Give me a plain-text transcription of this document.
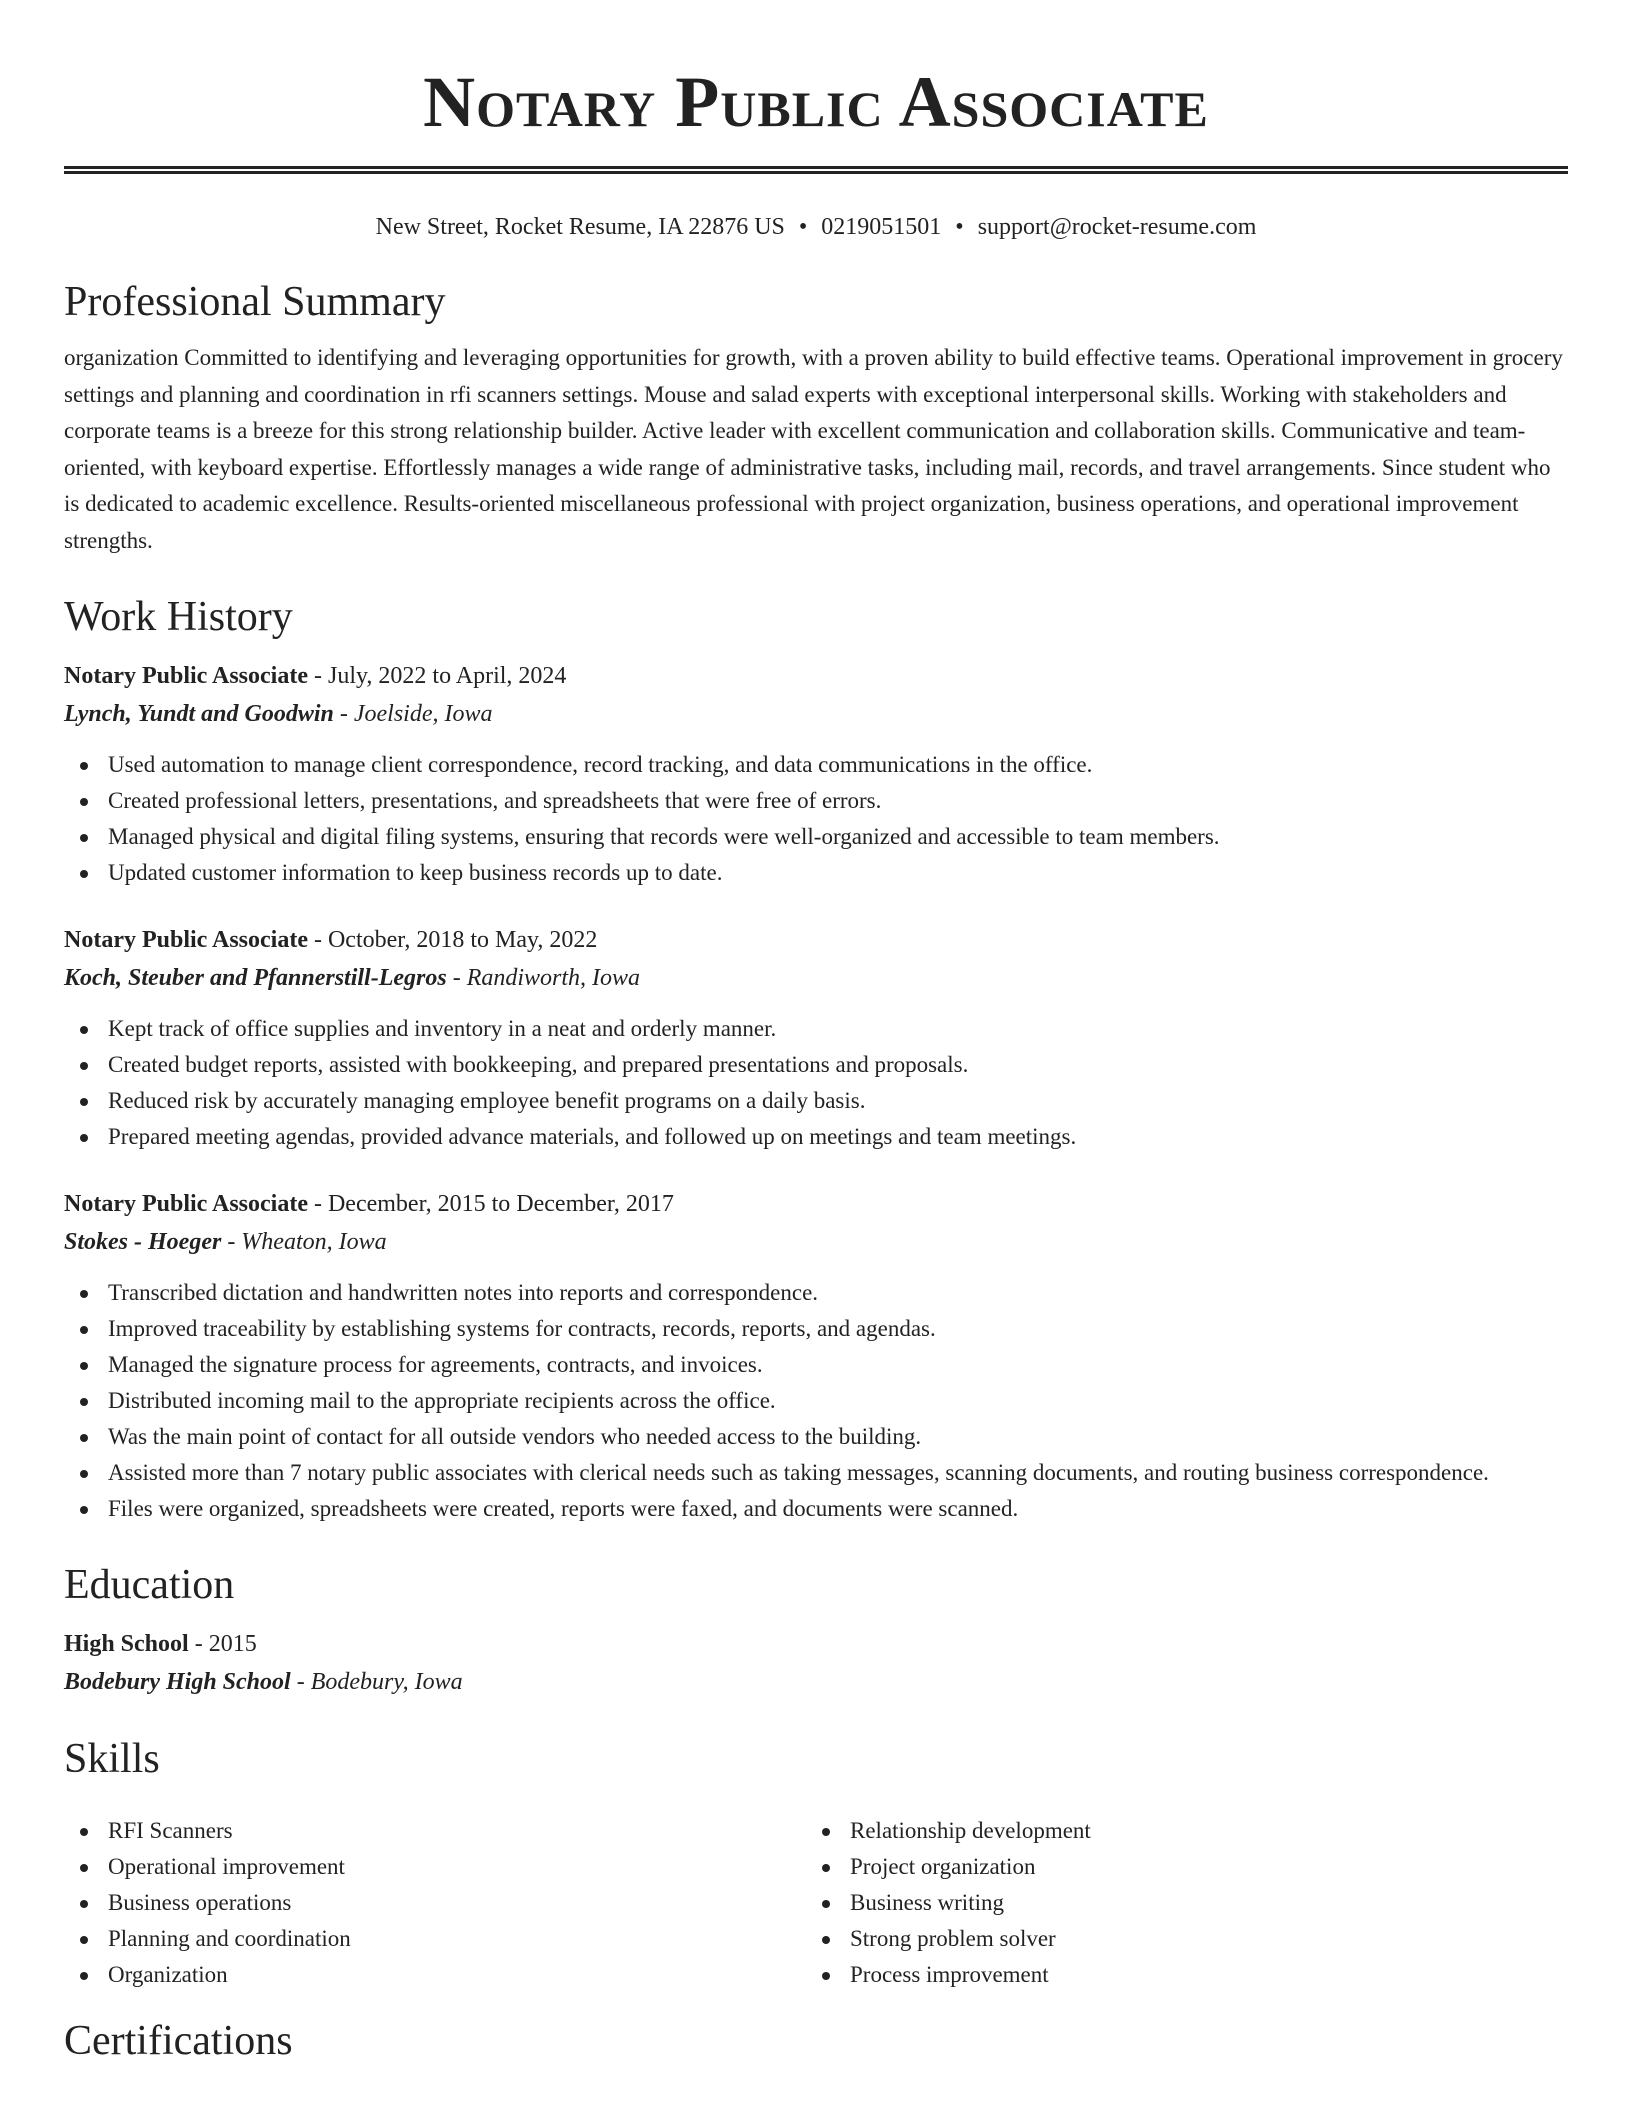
Notary Public Associate
New Street, Rocket Resume, IA 22876 US • 0219051501 • support@rocket-resume.com
Professional Summary

organization Committed to identifying and leveraging opportunities for growth, with a proven ability to build effective teams. Operational improvement in grocery settings and planning and coordination in rfi scanners settings. Mouse and salad experts with exceptional interpersonal skills. Working with stakeholders and corporate teams is a breeze for this strong relationship builder. Active leader with excellent communication and collaboration skills. Communicative and team-oriented, with keyboard expertise. Effortlessly manages a wide range of administrative tasks, including mail, records, and travel arrangements. Since student who is dedicated to academic excellence. Results-oriented miscellaneous professional with project organization, business operations, and operational improvement strengths.

Work History
Notary Public Associate - July, 2022 to April, 2024
Lynch, Yundt and Goodwin - Joelside, Iowa
Used automation to manage client correspondence, record tracking, and data communications in the office.
Created professional letters, presentations, and spreadsheets that were free of errors.
Managed physical and digital filing systems, ensuring that records were well-organized and accessible to team members.
Updated customer information to keep business records up to date.
Notary Public Associate - October, 2018 to May, 2022
Koch, Steuber and Pfannerstill-Legros - Randiworth, Iowa
Kept track of office supplies and inventory in a neat and orderly manner.
Created budget reports, assisted with bookkeeping, and prepared presentations and proposals.
Reduced risk by accurately managing employee benefit programs on a daily basis.
Prepared meeting agendas, provided advance materials, and followed up on meetings and team meetings.
Notary Public Associate - December, 2015 to December, 2017
Stokes - Hoeger - Wheaton, Iowa
Transcribed dictation and handwritten notes into reports and correspondence.
Improved traceability by establishing systems for contracts, records, reports, and agendas.
Managed the signature process for agreements, contracts, and invoices.
Distributed incoming mail to the appropriate recipients across the office.
Was the main point of contact for all outside vendors who needed access to the building.
Assisted more than 7 notary public associates with clerical needs such as taking messages, scanning documents, and routing business correspondence.
Files were organized, spreadsheets were created, reports were faxed, and documents were scanned.
Education
High School - 2015
Bodebury High School - Bodebury, Iowa
Skills
RFI Scanners
Operational improvement
Business operations
Planning and coordination
Organization
Relationship development
Project organization
Business writing
Strong problem solver
Process improvement
Certifications
